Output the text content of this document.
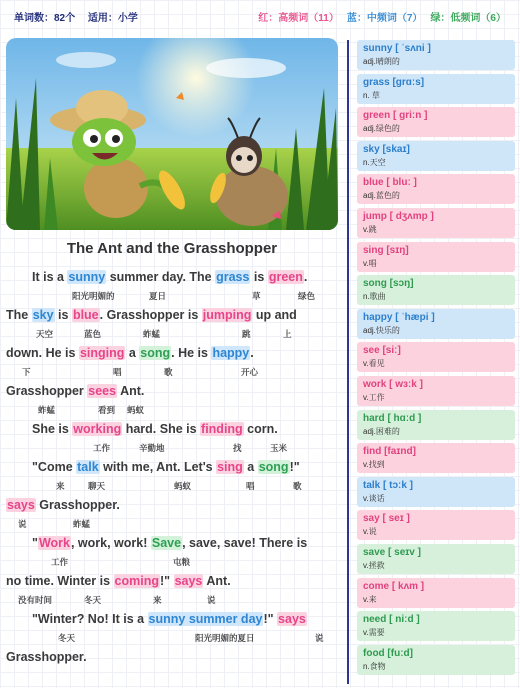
单词数：82个 适用：小学	红：高频词（11） 蓝：中频词（7） 绿：低频词（6）
The Ant and the Grasshopper
It is a sunny summer day. The grass is green.
阳光明媚的	夏日	草	绿色
The sky is blue. Grasshopper is jumping up and
天空	蓝色	蚱蜢	跳	上
down. He is singing a song. He is happy.
下	唱	歌	开心
Grasshopper sees Ant.
蚱蜢	看到 蚂蚁
She is working hard. She is finding corn.
工作	辛勤地	找	玉米
"Come talk with me, Ant. Let's sing a song!"
来	聊天	蚂蚁	唱	歌
says Grasshopper.
说	蚱蜢
"Work, work, work! Save, save, save! There is
工作	屯粮
no time. Winter is coming!" says Ant.
没有时间	冬天	来	说
"Winter? No! It is a sunny summer day!" says
冬天	阳光明媚的夏日	说
Grasshopper.
sunny [ ˈsʌni ]
adj.晴朗的
grass [grɑːs]
n. 草
green [ ɡriːn ]
adj.绿色的
sky [skaɪ]
n.天空
blue [ bluː ]
adj.蓝色的
jump [ dʒʌmp ]
v.跳
sing [sɪŋ]
v.唱
song [sɔŋ]
n.歌曲
happy [ ˈhæpi ]
adj.快乐的
see [siː]
v.看见
work [ wɜːk ]
v.工作
hard [ hɑːd ]
adj.困难的
find [faɪnd]
v.找到
talk [ tɔːk ]
v.谈话
say [ seɪ ]
v.说
save [ seɪv ]
v.拯救
come [ kʌm ]
v.来
need [ niːd ]
v.需要
food [fuːd]
n.食物
